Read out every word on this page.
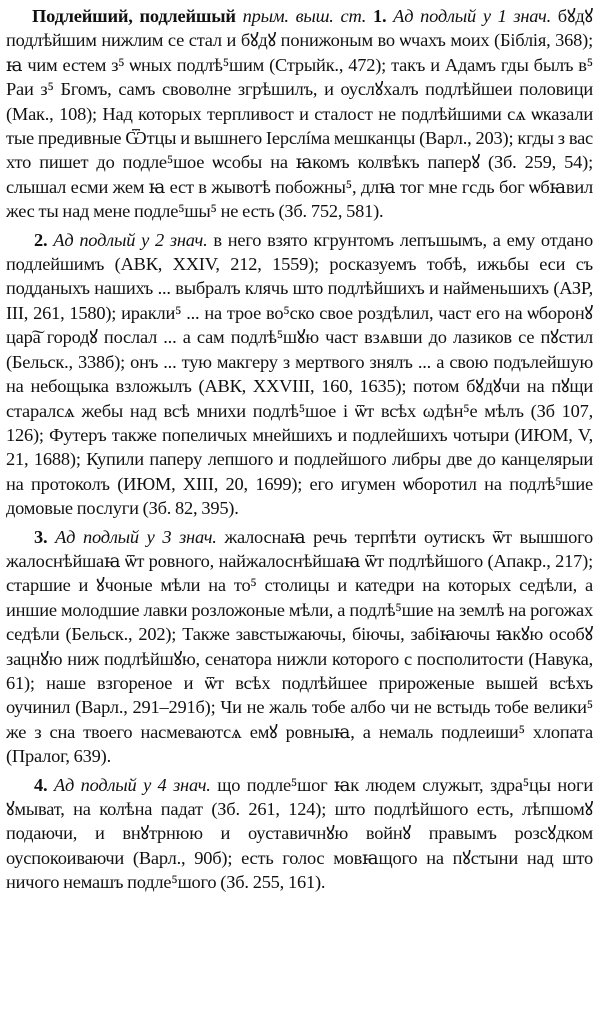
Подлейший, подлейшый прым. выш. ст. 1. Ад подлый у 1 знач. бꙋдꙋ подлѣйшим нижлим се стал и бꙋдꙋ понижоным во ѡчахъ моих (Біблія, 368); ꙗ чим естем з⁵ ѡных подлѣ⁵шим (Стрыйк., 472); такъ и Адамъ гды былъ в⁵ Раи з⁵ Бгомъ, самъ своволне згрѣшилъ, и оуслꙋхалъ подлѣйшеи половици (Мак., 108); Над которых терпливост и сталост не подлѣйшими сѧ ѡказали тые предивные Ѿтцы и вышнего Іерслíма мешканцы (Варл., 203); кгды з вас хто пишет до подле⁵шое ѡсобы на ꙗкомъ колвѣкъ паперꙋ (Зб. 259, 54); слышал есми жем ꙗ ест в жывотѣ побожны⁵, длꙗ тог мне гсдь бог ѡбꙗвил жес ты над мене подле⁵шы⁵ не есть (Зб. 752, 581).

2. Ад подлый у 2 знач. в него взято кгрунтомъ лепъшымъ, а ему отдано подлейшимъ (АВК, XXIV, 212, 1559); росказуемъ тобѣ, ижьбы еси съ подданыхъ нашихъ ... выбралъ клячь што подлѣйшихъ и найменьшихъ (АЗР, III, 261, 1580); иракли⁵ ... на трое во⁵ско свое роздѣлил, част его на ѡборонꙋ цар͠а городꙋ послал ... а сам подлѣ⁵шꙋю част взѧвши до лазиков се пꙋстил (Бельск., 338б); онъ ... тую макгеру з мертвого знялъ ... а свою подълейшую на небощыка взложылъ (АВК, XXVIII, 160, 1635); потом бꙋдꙋчи на пꙋщи старалсѧ жебы над всѣ мнихи подлѣ⁵шое і ѿт всѣх ωдѣн⁵е мѣлъ (Зб 107, 126); Футеръ также попеличых мнейшихъ и подлейшихъ чотыри (ИЮМ, V, 21, 1688); Купили паперу лепшого и подлейшого либры две до канцелярыи на протоколъ (ИЮМ, XIII, 20, 1699); его игумен ѡборотил на подлѣ⁵шие домовые послуги (Зб. 82, 395).

3. Ад подлый у 3 знач. жалоснаꙗ речь терпѣти оутискъ ѿт вышшого жалоснѣйшаꙗ ѿт ровного, найжалоснѣйшаꙗ ѿт подлѣйшого (Апакр., 217); старшие и ꙋчоные мѣли на то⁵ столицы и катедри на которых седѣли, а иншие молодшие лавки розложоные мѣли, а подлѣ⁵шие на землѣ на рогожах седѣли (Бельск., 202); Также завстыжаючы, біючы, забіꙗючы ꙗкꙋю особꙋ зацнꙋю ниж подлѣйшꙋю, сенатора нижли которого с посполитости (Навука, 61); наше взгореное и ѿт всѣх подлѣйшее прироженые вышей всѣхъ оучинил (Варл., 291–291б); Чи не жаль тобе албо чи не встыдь тобе велики⁵ же з сна твоего насмеваютсѧ емꙋ ровныꙗ, а немаль подлеиши⁵ хлопата (Пралог, 639).

4. Ад подлый у 4 знач. що подле⁵шог ꙗк людем служыт, здра⁵цы ноги ꙋмыват, на колѣна падат (Зб. 261, 124); што подлѣйшого есть, лѣпшомꙋ подаючи, и внꙋтрнюю и оуставичнꙋю войнꙋ правымъ розсꙋдком оуспокоиваючи (Варл., 90б); есть голос мовꙗщого на пꙋстыни над што ничого немашъ подле⁵шого (Зб. 255, 161).
